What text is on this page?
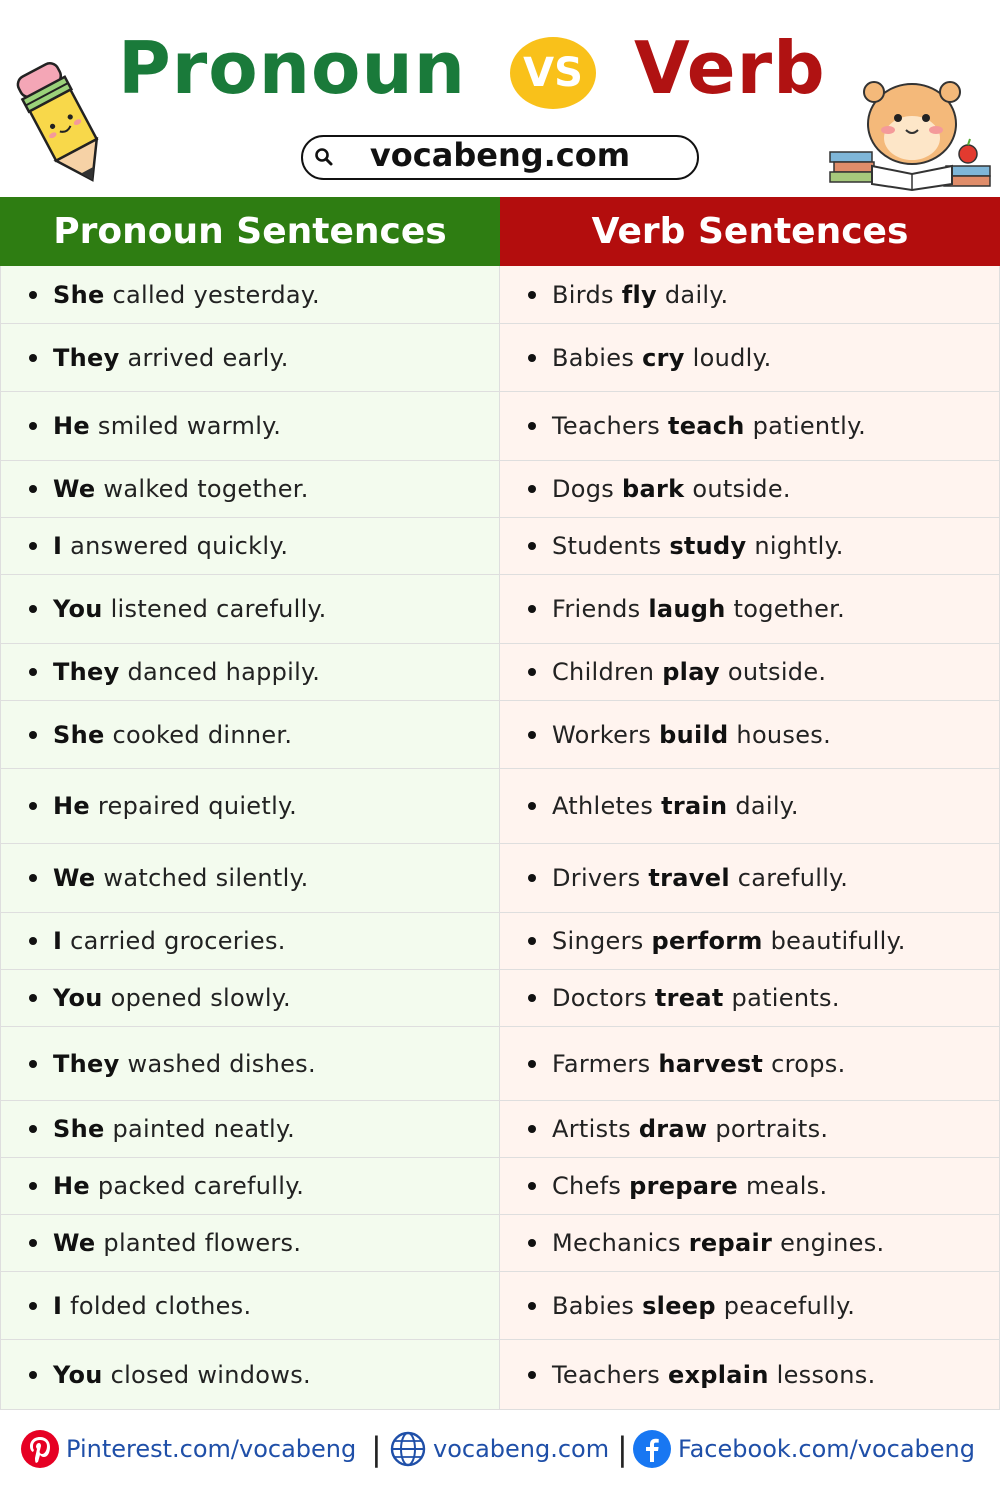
Pronoun	VS Verb
vocabeng.com
Pronoun Sentences	Verb Sentences
She called yesterday.	Birds fly daily.
They arrived early.	Babies cry loudly.
He smiled warmly.	Teachers teach patiently.
We walked together.	Dogs bark outside.
I answered quickly.	Students study nightly.
You listened carefully.	Friends laugh together.
They danced happily.	Children play outside.
She cooked dinner.	Workers build houses.
He repaired quietly.	Athletes train daily.
We watched silently.	Drivers travel carefully.
I carried groceries.	Singers perform beautifully.
You opened slowly.	Doctors treat patients.
They washed dishes.	Farmers harvest crops.
She painted neatly.	Artists draw portraits.
He packed carefully.	Chefs prepare meals.
We planted flowers.	Mechanics repair engines.
I folded clothes.	Babies sleep peacefully.
You closed windows.	Teachers explain lessons.
Pinterest.com/vocabeng | vocabeng.com | Facebook.com/vocabeng
